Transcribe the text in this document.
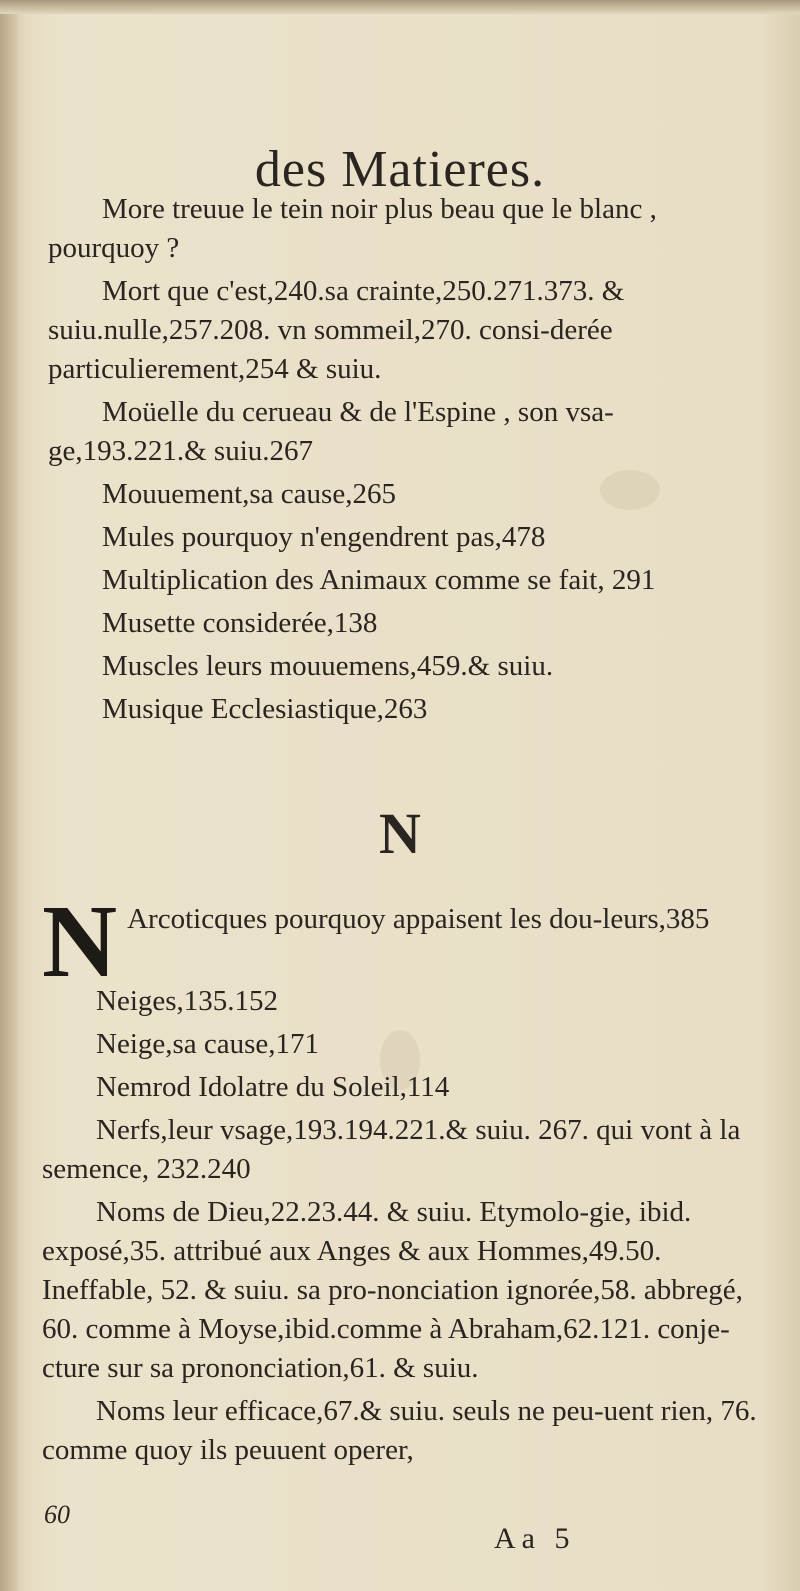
des Matieres.

More treuue le tein noir plus beau que le blanc , pourquoy ?

Mort que c'est,240.sa crainte,250.271.373. & suiu.nulle,257.208. vn sommeil,270. consi-derée particulierement,254 & suiu.

Moüelle du cerueau & de l'Espine , son vsa-ge,193.221.& suiu.267

Mouuement,sa cause,265

Mules pourquoy n'engendrent pas,478

Multiplication des Animaux comme se fait, 291

Musette considerée,138

Muscles leurs mouuemens,459.& suiu.

Musique Ecclesiastique,263

N

N Arcoticques pourquoy appaisent les dou-leurs,385

Neiges,135.152

Neige,sa cause,171

Nemrod Idolatre du Soleil,114

Nerfs,leur vsage,193.194.221.& suiu. 267. qui vont à la semence, 232.240

Noms de Dieu,22.23.44. & suiu. Etymolo-gie, ibid. exposé,35. attribué aux Anges & aux Hommes,49.50. Ineffable, 52. & suiu. sa pro-nonciation ignorée,58. abbregé, 60. comme à Moyse,ibid.comme à Abraham,62.121. conje-cture sur sa prononciation,61. & suiu.

Noms leur efficace,67.& suiu. seuls ne peu-uent rien, 76. comme quoy ils peuuent operer,

60
Aa 5
